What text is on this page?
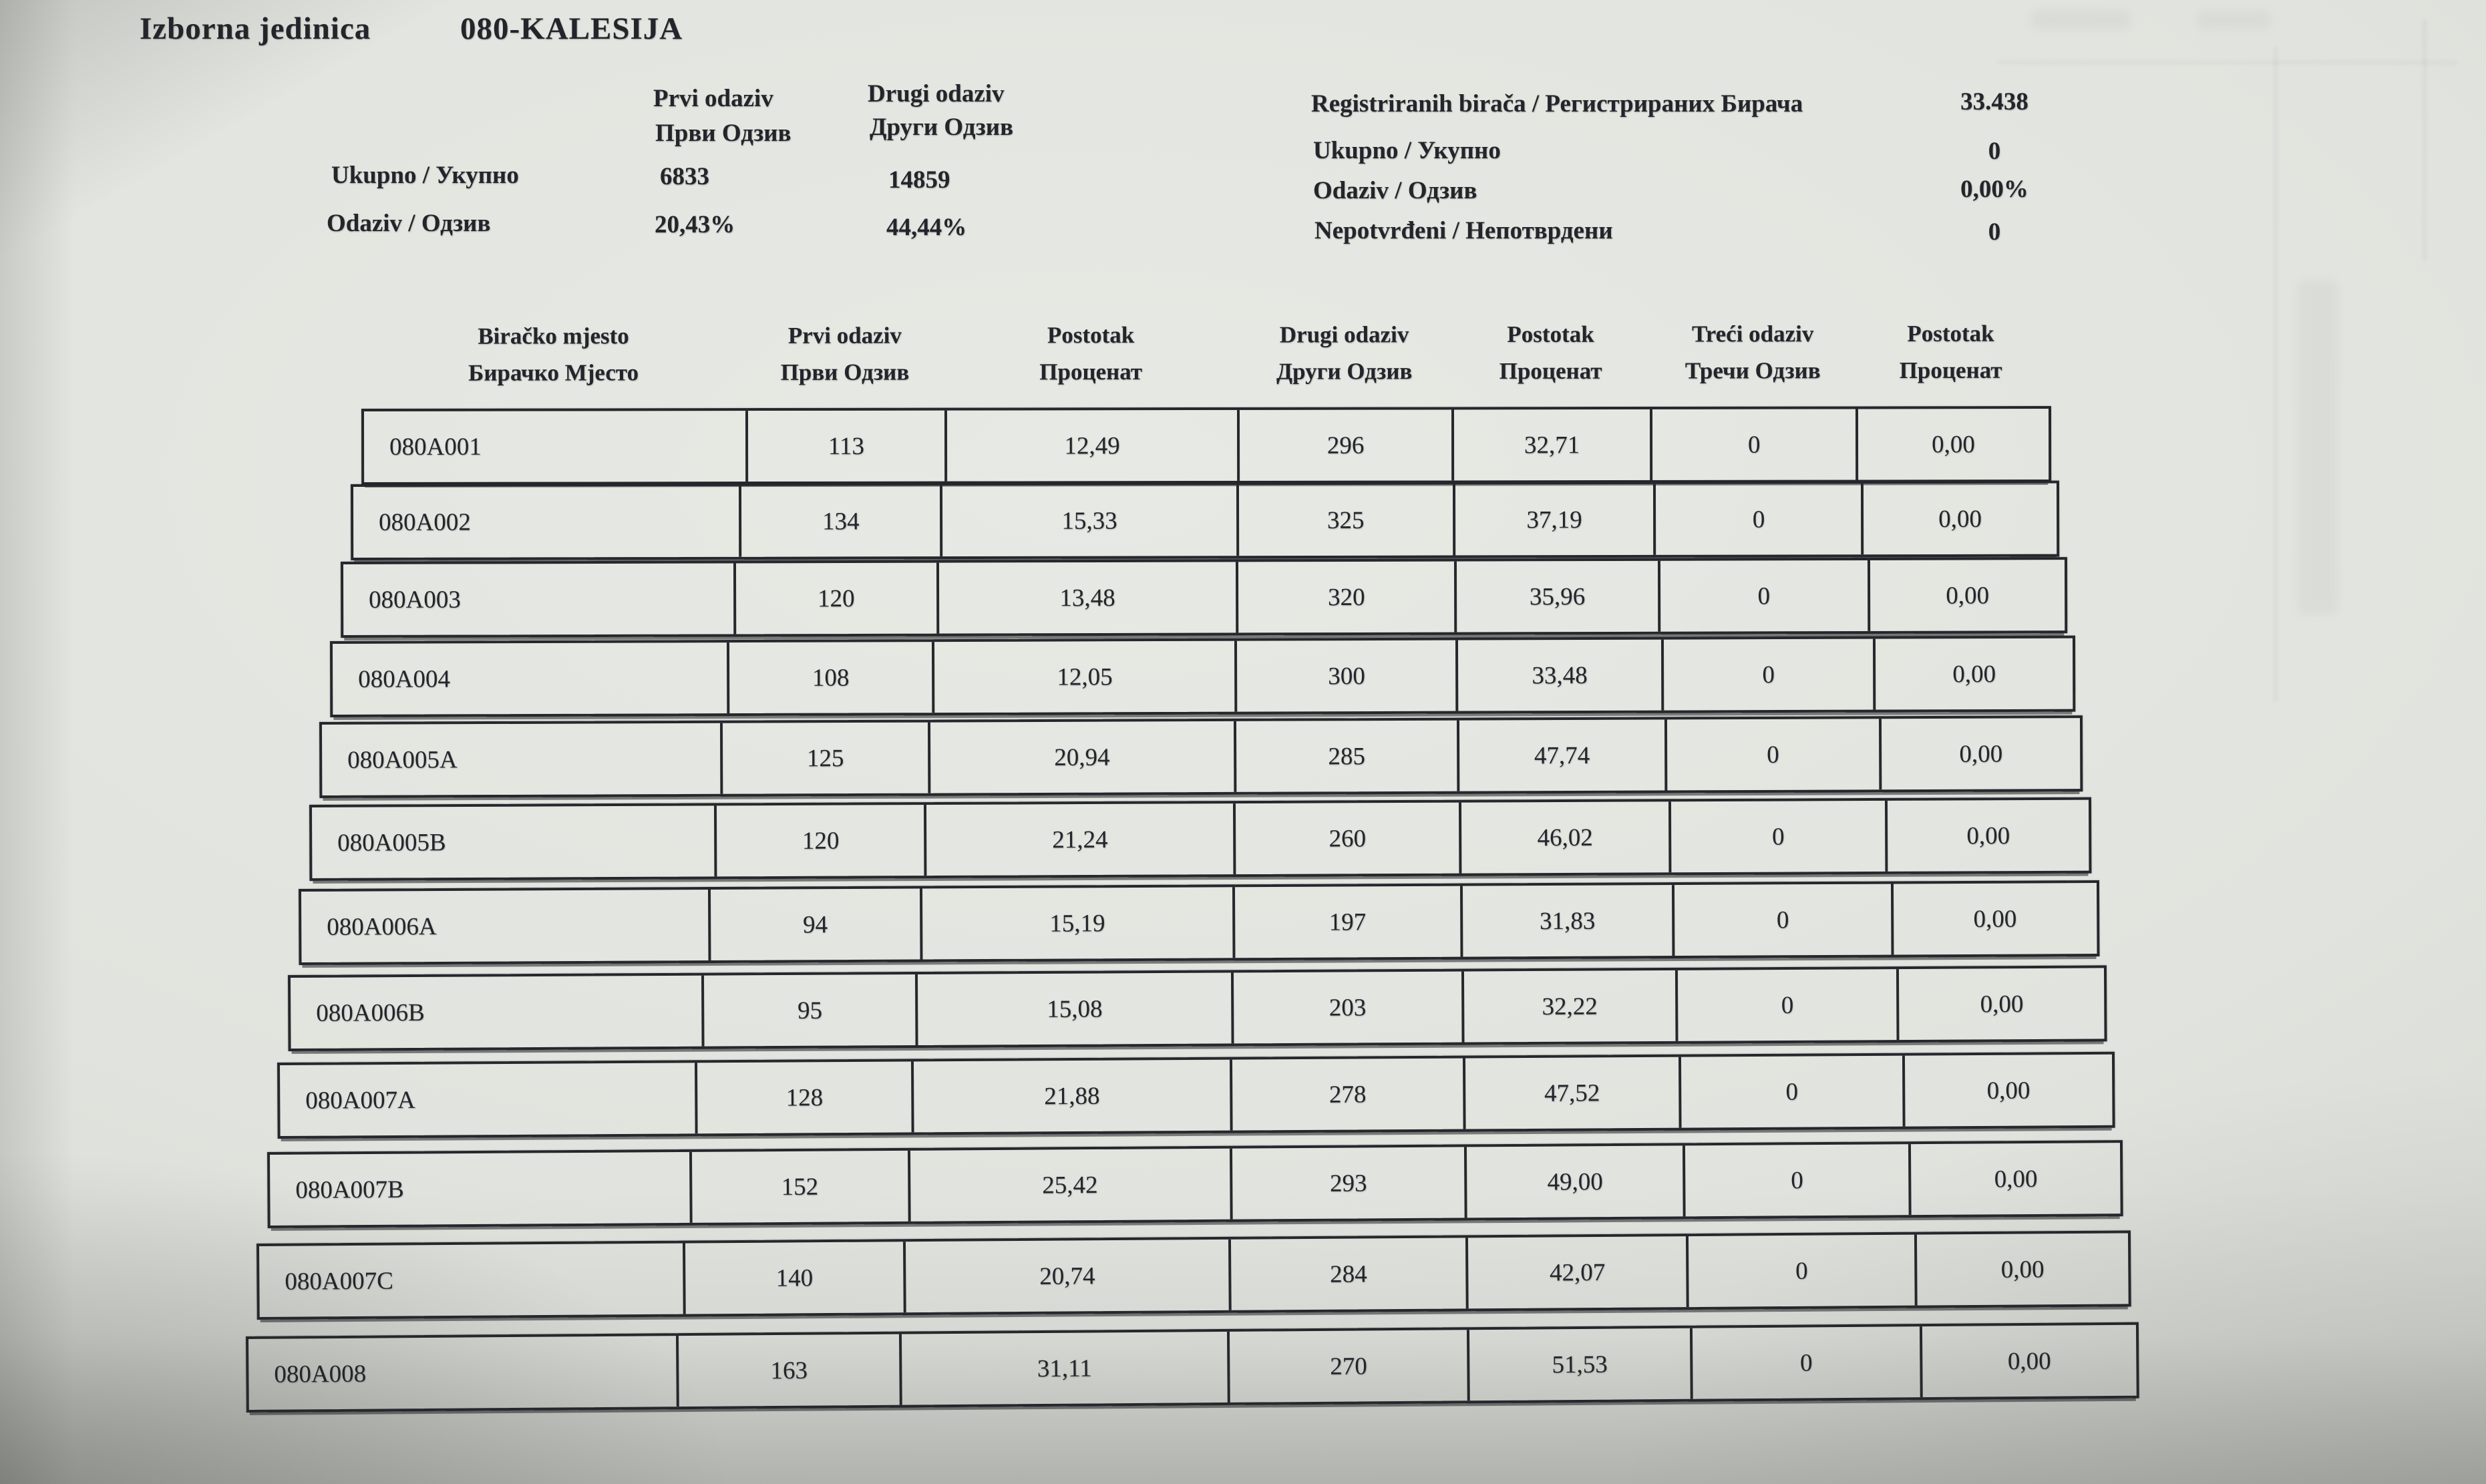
Izborna jedinica	080-KALESIJA
Prvi odaziv
Први Одзив
Drugi odaziv
Други Одзив
Ukupno / Укупно	6833	14859
Odaziv / Одзив	20,43%	44,44%
Registriranih birača / Регистрираних Бирача	33.438
Ukupno / Укупно	0
Odaziv / Одзив	0,00%
Nepotvrđeni / Непотврдени	0
Biračko mjesto
Бирачко Мјесто
Prvi odaziv
Први Одзив
Postotak
Проценат
Drugi odaziv
Други Одзив
Postotak
Проценат
Treći odaziv
Тречи Одзив
Postotak
Проценат
080A001	113	12,49	296	32,71	0	0,00
080A002	134	15,33	325	37,19	0	0,00
080A003	120	13,48	320	35,96	0	0,00
080A004	108	12,05	300	33,48	0	0,00
080A005A	125	20,94	285	47,74	0	0,00
080A005B	120	21,24	260	46,02	0	0,00
080A006A	94	15,19	197	31,83	0	0,00
080A006B	95	15,08	203	32,22	0	0,00
080A007A	128	21,88	278	47,52	0	0,00
080A007B	152	25,42	293	49,00	0	0,00
080A007C	140	20,74	284	42,07	0	0,00
080A008	163	31,11	270	51,53	0	0,00
